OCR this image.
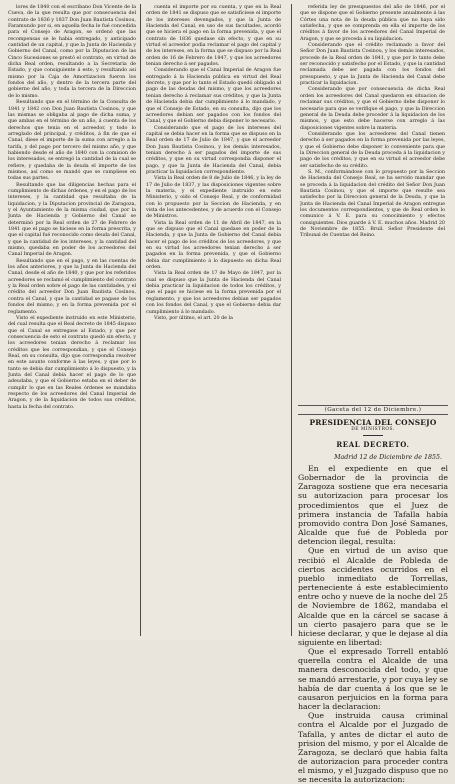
lores de 1840 con el escribano Don Vicente de la Cueva, de la que resulta que por consecuencia del contrato de 1836 y 1837 Don Juan Bautista Cosinou, Faramundo por si, en aquella fecha le fué concedida para el Consejo de Aragon, se ordenó que las recompensas se le habia entregado, y anticipado cantidad de un capital, y que la Junta de Hacienda y Gobierno del Canal, como por la Diputacion de las Cinco Sucesiones se prestó el contrato, en virtud de dicha Real orden, resultando a la Secretaria de Estado, y que consiguiente á esto, y resultando asi mismo por la Caja de Amortizacion fueron los fondos del año, y dentro de la tercera parte del gobierno del año, y toda la tercera de la Direccion de lo mismo.

Resultando que en el término de la Consulta de 1841 y 1842 con Don Juan Bautista Cosinou, y que las mismas se obligaba al pago de dicha suma, y que ambas en el término de un año, á cuenta de los derechos que tenia en el acreedor, y todo lo arreglado del principal, y créditos, á fin de que el Canal, diese el importe de la suma con arreglo a la tarifa, y del pago por tercero del mismo año, y que habiendo desde el año de 1840 con la comision de los interesados, se entregó la cantidad de la cual se refiere, y quedaba de la deuda el importe de los mismos, así como se mandó que se cumpliese en todas sus partes.

Resultando que las diligencias hechas para el cumplimiento de dichas órdenes, y en el pago de los intereses, y la cantidad que resultaba de la liquidacion, y la Diputacion provincial de Zaragoza, y el Ayuntamiento de la misma ciudad, que por la Junta de Hacienda y Gobierno del Canal se determinó por la Real orden de 27 de Febrero de 1841 que el pago se hiciese en la forma prescrita, y que el capital fué reconocido como deuda del Canal, y que la cantidad de los intereses, y la cantidad del mismo, quedaba en poder de los acreedores del Canal Imperial de Aragon.

Resultando que en el pago, y en las cuentas de los años anteriores, y que la Junta de Hacienda del Canal, desde el año de 1840, y que por los referidos acreedores se reclamó el cumplimiento del contrato y la Real orden sobre el pago de las cantidades, y el crédito del acreedor Don Juan Bautista Cosinou, contra el Canal, y que la cantidad se pagase de los fondos del mismo, y en la forma prevenida por el reglamento.

Visto el expediente instruido en este Ministerio, del cual resulta que el Real decreto de 1845 dispuso que el Canal se entregase al Estado, y que por consecuencia de esto el contrato quedó sin efecto, y los acreedores tenian derecho á reclamar los créditos que les correspondian, y que el Consejo Real, en su consulta, dijo que correspondia resolver en este asunto conforme á las leyes, y que por lo tanto se debia dar cumplimiento á lo dispuesto, y la Junta del Canal debia hacer el pago de lo que adeudaba, y que el Gobierno estaba en el deber de cumplir lo que en las Reales órdenes se mandaba respecto de los acreedores del Canal Imperial de Aragon, y de la liquidacion de todos sus créditos, hasta la fecha del contrato.

cuenta el importe por su cuenta, y que en la Real orden de 1841 se dispuso que se satisficiese el importe de los intereses devengados, y que la Junta de Hacienda del Canal, en uso de sus facultades, acordó que se hiciera el pago en la forma prevenida, y que el contrato de 1836 quedase sin efecto, y que en su virtud el acreedor podia reclamar el pago del capital y de los intereses, en la forma que se dispuso por la Real orden de 16 de Febrero de 1847, y que los acreedores tenian derecho á ser pagados.

Considerando que el Canal Imperial de Aragon fue entregado á la Hacienda pública en virtud del Real decreto, y que por lo tanto el Estado quedó obligado al pago de las deudas del mismo, y que los acreedores tenian derecho á reclamar sus créditos, y que la Junta de Hacienda debia dar cumplimiento á lo mandado, y que el Consejo de Estado, en su consulta, dijo que los acreedores debian ser pagados con los fondos del Canal, y que el Gobierno debia disponer lo necesario.

Considerando que el pago de los intereses del capital se debia hacer en la forma que se dispuso en la Real orden de 17 de Julio de 1847, y que el acreedor Don Juan Bautista Cosinou, y los demás interesados, tenian derecho á ser pagados del importe de sus créditos, y que en su virtud correspondia disponer el pago, y que la Junta de Hacienda del Canal, debia practicar la liquidacion correspondiente.

Vista la Real orden de 8 de Julio de 1846, y la ley de 17 de Julio de 1837, y las disposiciones vigentes sobre la materia, y el expediente instruido en este Ministerio, y oido el Consejo Real, y de conformidad con lo propuesto por la Seccion de Hacienda, y en vista de los antecedentes, y de acuerdo con el Consejo de Ministros.

Vista la Real orden de 11 de Abril de 1847, en la que se dispuso que el Canal quedase en poder de la Hacienda, y que la Junta de Gobierno del Canal debia hacer el pago de los créditos de los acreedores, y que en su virtud los acreedores tenian derecho á ser pagados en la forma prevenida, y que el Gobierno debia dar cumplimiento á lo dispuesto en dicha Real orden.

Vista la Real orden de 17 de Mayo de 1847, por la cual se dispuso que la Junta de Hacienda del Canal debia practicar la liquidacion de todos los créditos, y que el pago se hiciese en la forma prevenida por el reglamento, y que los acreedores debian ser pagados con los fondos del Canal, y que el Gobierno debia dar cumplimiento á lo mandado.

Visto, por último, el art. 20 de la

referida ley de presupuestos del año de 1846, por el que se dispone que el Gobierno presente anualmente á las Córtes una nota de la deuda pública que no haya sido satisfecha, y que se comprenda en ella el importe de los créditos á favor de los acreedores del Canal Imperial de Aragon, y que se proceda á su liquidacion.

Considerando que el crédito reclamado a favor del Señor Don Juan Bautista Cosinou, y los demás interesados, procede de la Real orden de 1841, y que por lo tanto debe ser reconocido y satisfecho por el Estado, y que la cantidad reclamada debe ser pagada con los fondos del presupuesto, y que la Junta de Hacienda del Canal debe practicar la liquidacion.

Considerando que por consecuencia de dicha Real orden los acreedores del Canal quedaron en situacion de reclamar sus créditos, y que el Gobierno debe disponer lo necesario para que se verifique el pago, y que la Direccion general de la Deuda debe proceder á la liquidacion de los mismos, y que esto debe hacerse con arreglo á las disposiciones vigentes sobre la materia.

Considerando que los acreedores del Canal tienen derecho á ser pagados en la forma prevenida por las leyes, y que el Gobierno debe disponer lo conveniente para que la Direccion general de la Deuda proceda á la liquidacion y pago de los créditos, y que en su virtud el acreedor debe ser satisfecho de su crédito.

S. M., conformándose con lo propuesto por la Seccion de Hacienda del Consejo Real, se ha servido mandar que se proceda á la liquidacion del crédito del Señor Don Juan Bautista Cosinou, y que el importe que resulte sea satisfecho por la Direccion general de la Deuda, y que la Junta de Hacienda del Canal Imperial de Aragon entregue los documentos correspondientes, y que de Real orden lo comunico á V. E. para su conocimiento y efectos consiguientes. Dios guarde á V. E. muchos años. Madrid 20 de Noviembre de 1855. Bruil. Señor Presidente del Tribunal de Cuentas del Reino.

(Gaceta del 12 de Diciembre.)
PRESIDENCIA DEL CONSEJO
DE MINISTROS.
REAL DECRETO.
Madrid 12 de Diciembre de 1855.

En el expediente en que el Gobernador de la provincia de Zaragoza sostiene que era necesaria su autorizacion para procesar los procedimientos que el Juez de primera instancia de Tafalla había promovido contra Don José Samanes, Alcalde que fué de Pobleda por detencion ilegal, resulta:

Que en virtud de un aviso que recibió el Alcalde de Pobleda de ciertos accidentes ocurridos en el pueblo inmediato de Torrellas, perteneciente á este establecimiento entre ocho y nueve de la noche del 25 de Noviembre de 1862, mandaba el Alcalde que en la cárcel se sacase á un cierto pasajero para que se le hiciese declarar, y que le dejase al día siguiente en libertad:

Que el expresado Torrell entabló querella contra el Alcalde de una manera desconocida del todo, y que se mandó arrestarle, y por cuya ley se había de dar cuenta á los que se le causaron perjuicios en la forma para hacer la declaracion:

Que instruida causa criminal contra el Alcalde por el Juzgado de Tafalla, y antes de dictar el auto de prision del mismo, y por el Alcalde de Zaragoza, se declaró que habia falta de autorizacion para proceder contra el mismo, y el Juzgado dispuso que no se necesita la autorizacion:
